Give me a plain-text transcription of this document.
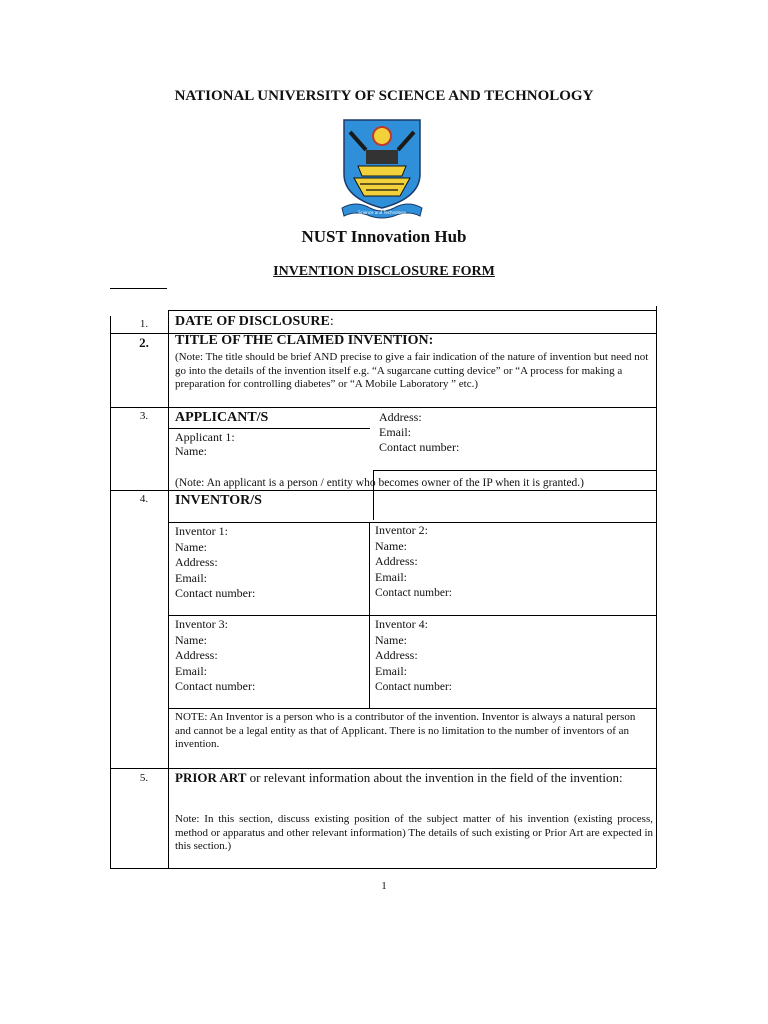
NATIONAL UNIVERSITY OF SCIENCE AND TECHNOLOGY
Science and Technology
NUST Innovation Hub
INVENTION DISCLOSURE FORM
1.	DATE OF DISCLOSURE:
2.	TITLE OF THE CLAIMED INVENTION:
(Note: The title should be brief AND precise to give a fair indication of the nature of invention but need not go into the details of the invention itself e.g. “A sugarcane cutting device” or “A process for making a preparation for controlling diabetes” or “A Mobile Laboratory ” etc.)
3.	APPLICANT/S	Address:
Email:
Contact number:
Applicant 1:
Name:
(Note: An applicant is a person / entity who becomes owner of the IP when it is granted.)
4.	INVENTOR/S
Inventor 1:
Name:
Address:
Email:
Contact number:
Inventor 2:
Name:
Address:
Email:
Contact number:
Inventor 3:
Name:
Address:
Email:
Contact number:
Inventor 4:
Name:
Address:
Email:
Contact number:
NOTE: An Inventor is a person who is a contributor of the invention. Inventor is always a natural person and cannot be a legal entity as that of Applicant. There is no limitation to the number of inventors of an invention.
5.	PRIOR ART or relevant information about the invention in the field of the invention:
Note: In this section, discuss existing position of the subject matter of his invention (existing process, method or apparatus and other relevant information) The details of such existing or Prior Art are expected in this section.)
1
